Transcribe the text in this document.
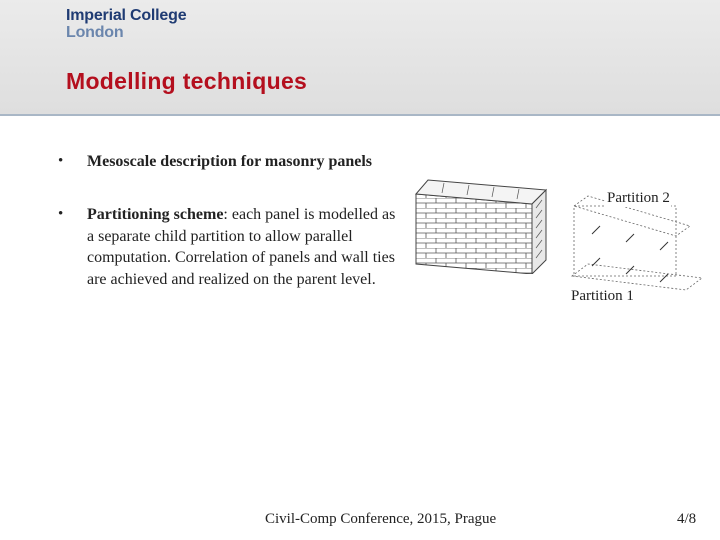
Imperial College
London
Modelling techniques
• Mesoscale description for masonry panels
• Partitioning scheme: each panel is modelled as a separate child partition to allow parallel computation. Correlation of panels and wall ties are achieved and realized on the parent level.
Partition 2
Partition 1
Civil-Comp Conference, 2015, Prague	4/8
